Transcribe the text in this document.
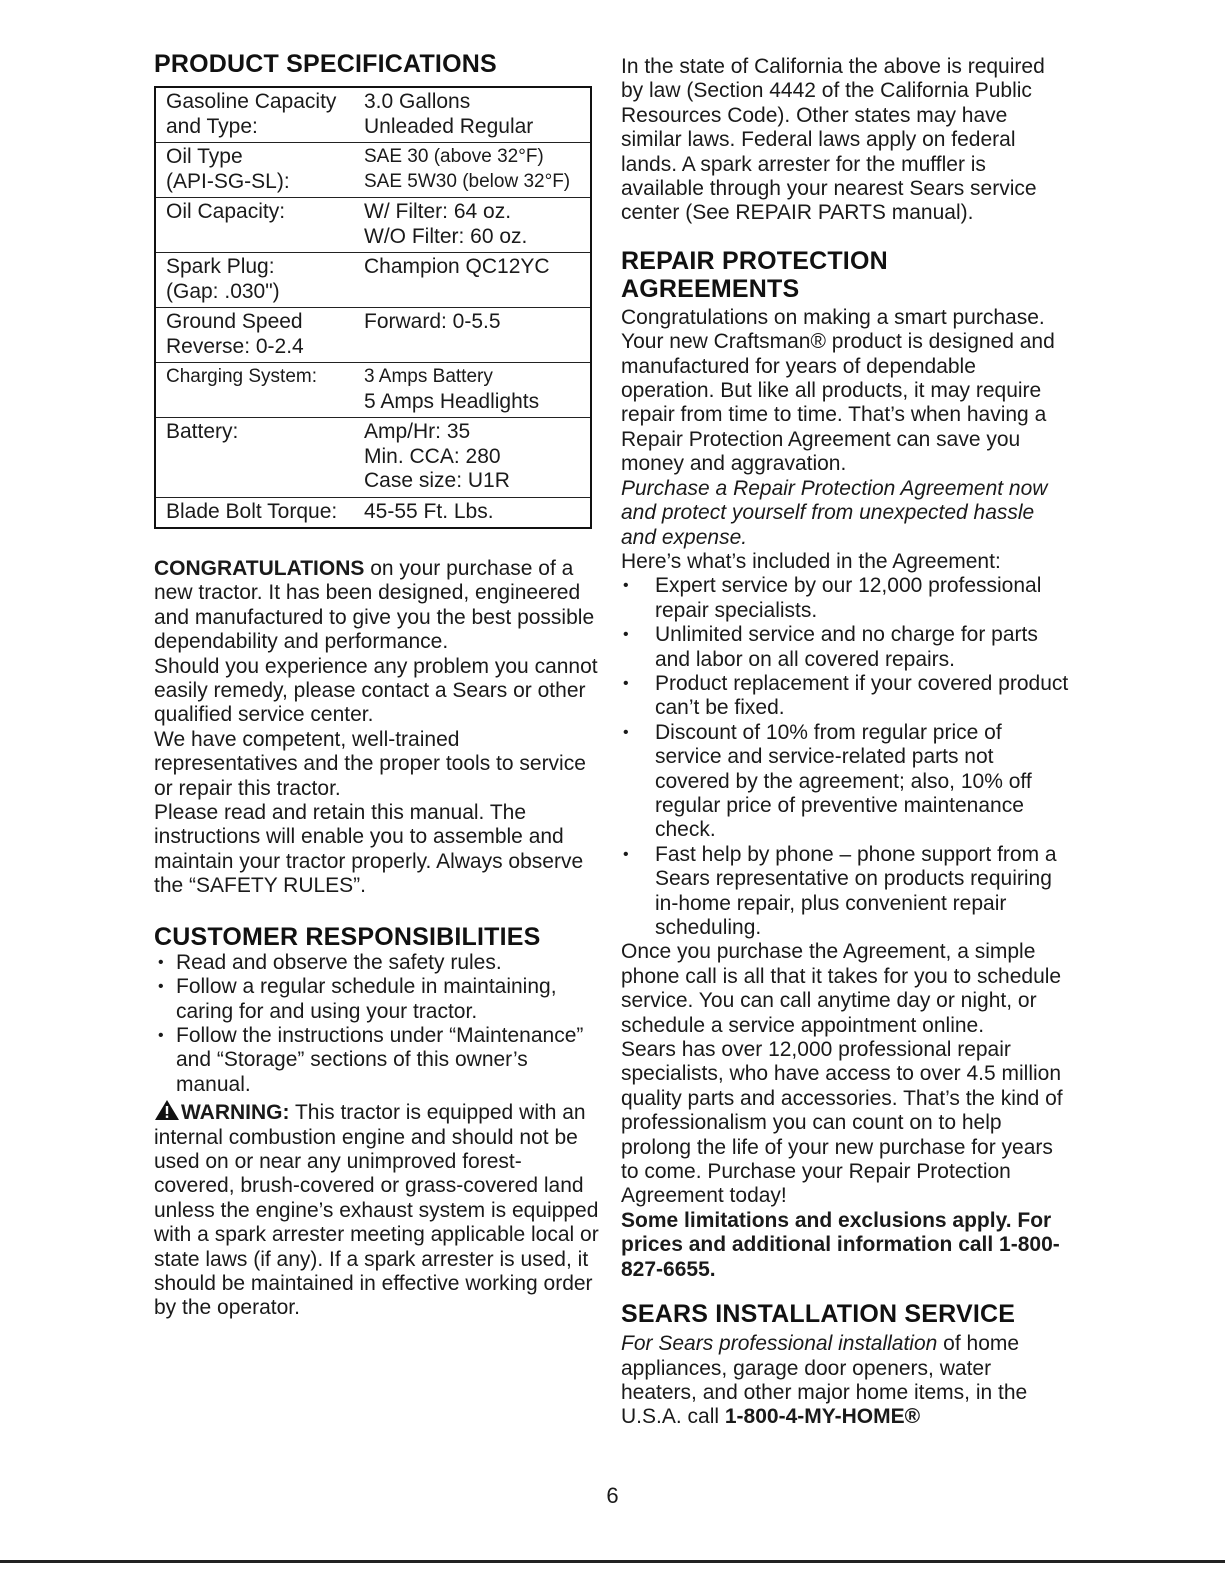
PRODUCT SPECIFICATIONS
Gasoline Capacity
and Type:	3.0 Gallons
Unleaded Regular

Oil Type
(API-SG-SL):	SAE 30 (above 32°F)
SAE 5W30 (below 32°F)

Oil Capacity:	W/ Filter: 64 oz.
W/O Filter: 60 oz.

Spark Plug:
(Gap: .030")	Champion QC12YC

Ground Speed
Reverse: 0-2.4	Forward: 0-5.5

Charging System:	3 Amps Battery
5 Amps Headlights

Battery:	Amp/Hr: 35
Min. CCA: 280
Case size: U1R

Blade Bolt Torque:	45-55 Ft. Lbs.

CONGRATULATIONS on your purchase of a new tractor. It has been designed, engineered and manufactured to give you the best possible dependability and performance.

Should you experience any problem you cannot easily remedy, please contact a Sears or other qualified service center.

We have competent, well-trained representatives and the proper tools to service or repair this tractor.

Please read and retain this manual. The instructions will enable you to assemble and maintain your tractor properly. Always observe the “SAFETY RULES”.

CUSTOMER RESPONSIBILITIES
• Read and observe the safety rules.
• Follow a regular schedule in maintaining, caring for and using your tractor.
• Follow the instructions under “Maintenance” and “Storage” sections of this owner’s manual.

WARNING: This tractor is equipped with an internal combustion engine and should not be used on or near any unimproved forest-covered, brush-covered or grass-covered land unless the engine’s exhaust system is equipped with a spark arrester meeting applicable local or state laws (if any). If a spark arrester is used, it should be maintained in effective working order by the operator.

In the state of California the above is required by law (Section 4442 of the California Public Resources Code). Other states may have similar laws. Federal laws apply on federal lands. A spark arrester for the muffler is available through your nearest Sears service center (See REPAIR PARTS manual).

REPAIR PROTECTION AGREEMENTS

Congratulations on making a smart purchase. Your new Craftsman® product is designed and manufactured for years of dependable operation. But like all products, it may require repair from time to time. That’s when having a Repair Protection Agreement can save you money and aggravation.

Purchase a Repair Protection Agreement now and protect yourself from unexpected hassle and expense.

Here’s what’s included in the Agreement:

• Expert service by our 12,000 professional repair specialists.
• Unlimited service and no charge for parts and labor on all covered repairs.
• Product replacement if your covered product can’t be fixed.
• Discount of 10% from regular price of service and service-related parts not covered by the agreement; also, 10% off regular price of preventive maintenance check.
• Fast help by phone – phone support from a Sears representative on products requiring in-home repair, plus convenient repair scheduling.

Once you purchase the Agreement, a simple phone call is all that it takes for you to schedule service. You can call anytime day or night, or schedule a service appointment online.

Sears has over 12,000 professional repair specialists, who have access to over 4.5 million quality parts and accessories. That’s the kind of professionalism you can count on to help prolong the life of your new purchase for years to come. Purchase your Repair Protection Agreement today!

Some limitations and exclusions apply. For prices and additional information call 1-800-827-6655.

SEARS INSTALLATION SERVICE

For Sears professional installation of home appliances, garage door openers, water heaters, and other major home items, in the U.S.A. call 1-800-4-MY-HOME®

6
